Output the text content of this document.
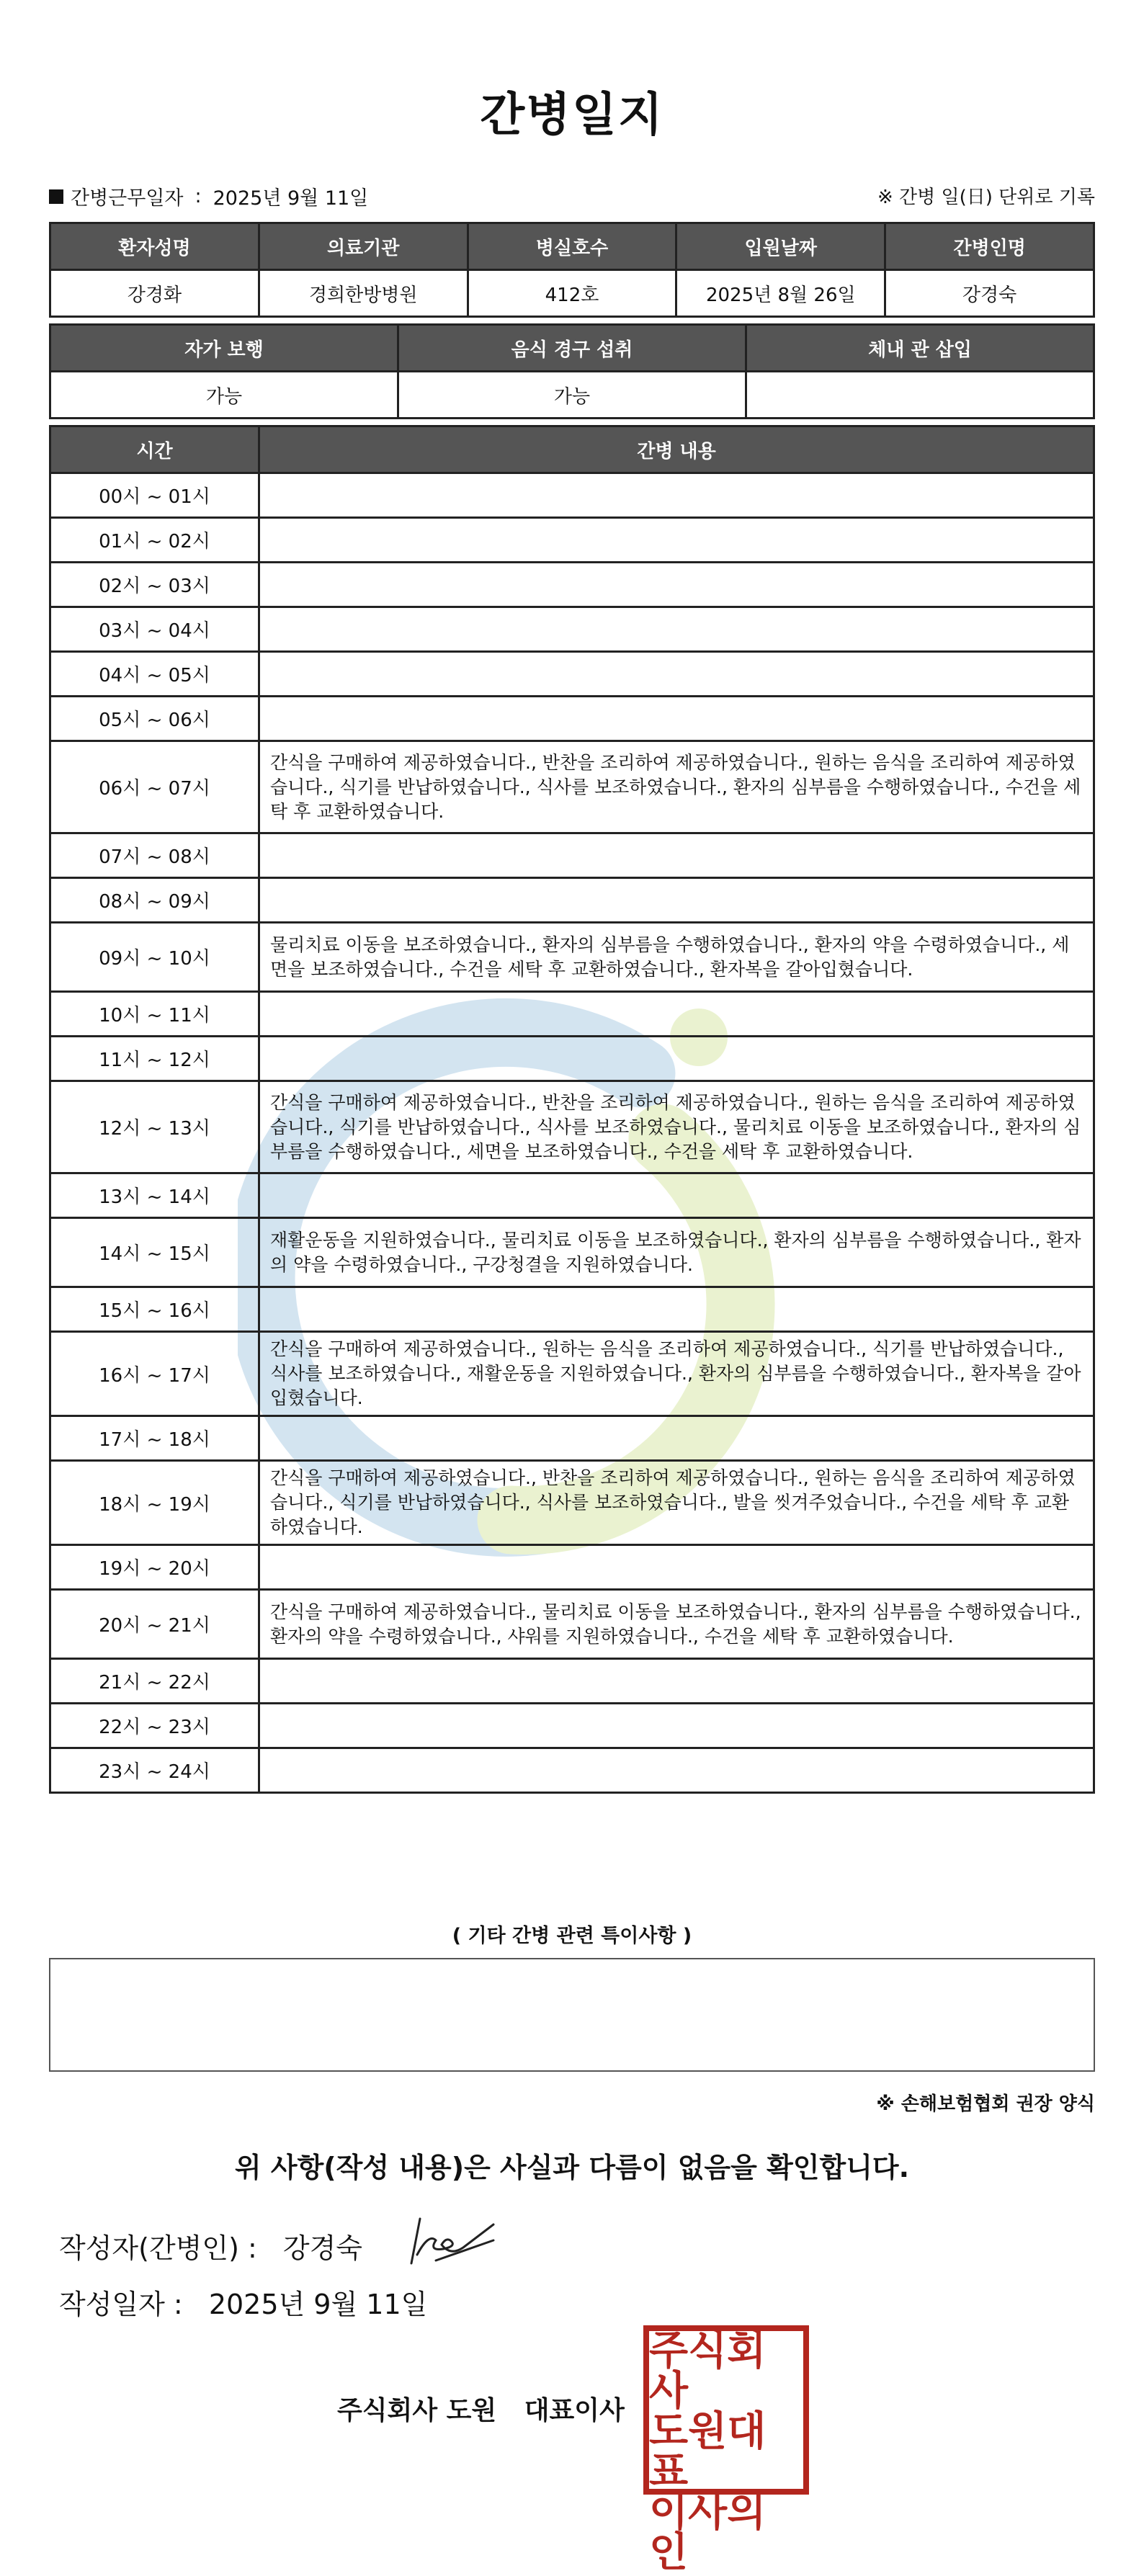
간병일지
간병근무일자 : 2025년 9월 11일	※ 간병 일(日) 단위로 기록
환자성명	의료기관	병실호수	입원날짜	간병인명
강경화	경희한방병원	412호	2025년 8월 26일	강경숙
자가 보행	음식 경구 섭취	체내 관 삽입
가능	가능	
시간	간병 내용
00시 ~ 01시	
01시 ~ 02시	
02시 ~ 03시	
03시 ~ 04시	
04시 ~ 05시	
05시 ~ 06시	
06시 ~ 07시	간식을 구매하여 제공하였습니다., 반찬을 조리하여 제공하였습니다., 원하는 음식을 조리하여 제공하였습니다., 식기를 반납하였습니다., 식사를 보조하였습니다., 환자의 심부름을 수행하였습니다., 수건을 세탁 후 교환하였습니다.
07시 ~ 08시	
08시 ~ 09시	
09시 ~ 10시	물리치료 이동을 보조하였습니다., 환자의 심부름을 수행하였습니다., 환자의 약을 수령하였습니다., 세면을 보조하였습니다., 수건을 세탁 후 교환하였습니다., 환자복을 갈아입혔습니다.
10시 ~ 11시	
11시 ~ 12시	
12시 ~ 13시	간식을 구매하여 제공하였습니다., 반찬을 조리하여 제공하였습니다., 원하는 음식을 조리하여 제공하였습니다., 식기를 반납하였습니다., 식사를 보조하였습니다., 물리치료 이동을 보조하였습니다., 환자의 심부름을 수행하였습니다., 세면을 보조하였습니다., 수건을 세탁 후 교환하였습니다.
13시 ~ 14시	
14시 ~ 15시	재활운동을 지원하였습니다., 물리치료 이동을 보조하였습니다., 환자의 심부름을 수행하였습니다., 환자의 약을 수령하였습니다., 구강청결을 지원하였습니다.
15시 ~ 16시	
16시 ~ 17시	간식을 구매하여 제공하였습니다., 원하는 음식을 조리하여 제공하였습니다., 식기를 반납하였습니다., 식사를 보조하였습니다., 재활운동을 지원하였습니다., 환자의 심부름을 수행하였습니다., 환자복을 갈아입혔습니다.
17시 ~ 18시	
18시 ~ 19시	간식을 구매하여 제공하였습니다., 반찬을 조리하여 제공하였습니다., 원하는 음식을 조리하여 제공하였습니다., 식기를 반납하였습니다., 식사를 보조하였습니다., 발을 씻겨주었습니다., 수건을 세탁 후 교환하였습니다.
19시 ~ 20시	
20시 ~ 21시	간식을 구매하여 제공하였습니다., 물리치료 이동을 보조하였습니다., 환자의 심부름을 수행하였습니다., 환자의 약을 수령하였습니다., 샤워를 지원하였습니다., 수건을 세탁 후 교환하였습니다.
21시 ~ 22시	
22시 ~ 23시	
23시 ~ 24시	
( 기타 간병 관련 특이사항 )
※ 손해보험협회 권장 양식
위 사항(작성 내용)은 사실과 다름이 없음을 확인합니다.
작성자(간병인) : 강경숙
작성일자 : 2025년 9월 11일
주식회사 도원 대표이사
주식회사
도원대표
이사의인
